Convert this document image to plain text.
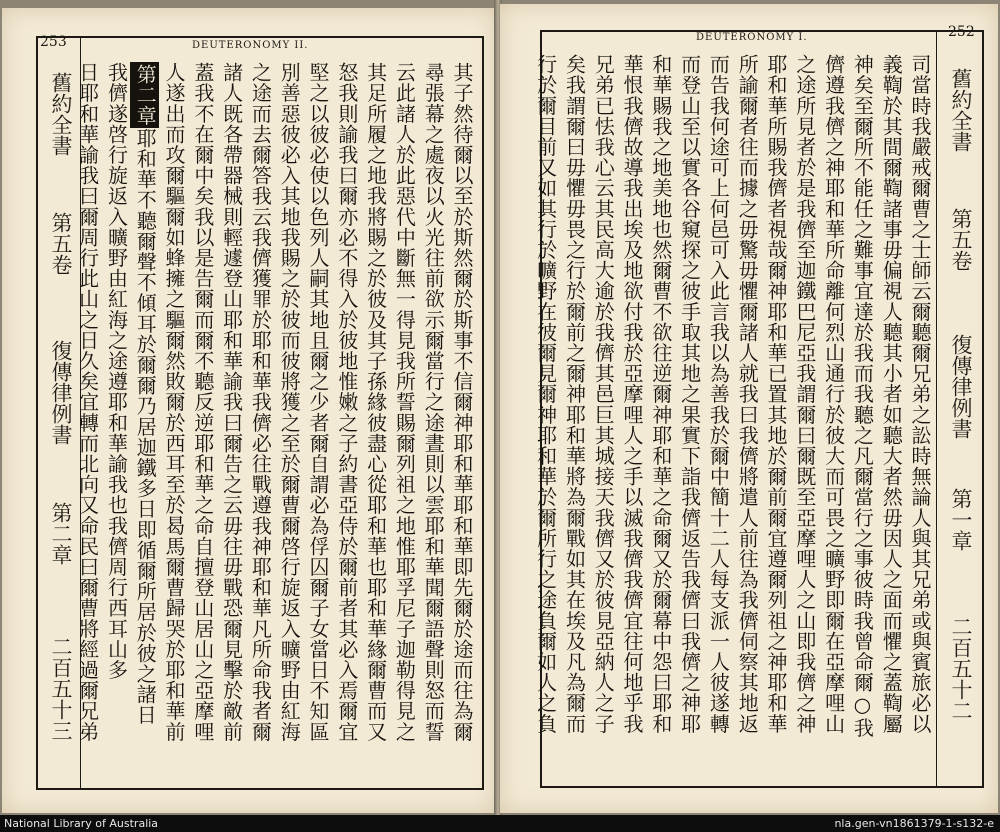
253	DEUTERONOMY II.
舊約全書
第五卷
復傳律例書
第二章
二百五十三	其子然待爾以至於斯然爾於斯事不信爾神耶和華耶和華即先爾於途而往為爾
尋張幕之處夜以火光往前欲示爾當行之途晝則以雲耶和華聞爾語聲則怒而誓
云此諸人於此惡代中斷無一得見我所誓賜爾列祖之地惟耶孚尼子迦勒得見之
其足所履之地我將賜之於彼及其子孫緣彼盡心從耶和華也耶和華緣爾曹而又
怒我則諭我曰爾亦必不得入於彼地惟嫩之子約書亞侍於爾前者其必入焉爾宜
堅之以彼必使以色列人嗣其地且爾之少者爾自謂必為俘囚爾子女當日不知區
別善惡彼必入其地我賜之於彼而彼將獲之至於爾曹爾啓行旋返入曠野由紅海
之途而去爾答我云我儕獲罪於耶和華我儕必往戰遵我神耶和華凡所命我者爾
諸人既各帶器械則輕遽登山耶和華諭我曰爾告之云毋往毋戰恐爾見擊於敵前
蓋我不在爾中矣我以是告爾而爾不聽反逆耶和華之命自擅登山居山之亞摩哩
人遂出而攻爾驅爾如蜂擁之驅爾然敗爾於西耳至於曷馬爾曹歸哭於耶和華前
第二章耶和華不聽爾聲不傾耳於爾爾乃居迦鐵多日即循爾所居於彼之諸日
我儕遂啓行旋返入曠野由紅海之途遵耶和華諭我也我儕周行西耳山多
日耶和華諭我曰爾周行此山之日久矣宜轉而北向又命民曰爾曹將經過爾兄弟
252
DEUTERONOMY I.
舊約全書
第五卷
復傳律例書
第一章
二百五十二
司當時我嚴戒爾曹之士師云爾聽爾兄弟之訟時無論人與其兄弟或與賓旅必以
義鞫於其間爾鞫諸事毋偏視人聽其小者如聽大者然毋因人之面而懼之蓋鞫屬
神矣至爾所不能任之難事宜達於我而我聽之凡爾當行之事彼時我曾命爾○我
儕遵我儕之神耶和華所命離何烈山通行於彼大而可畏之曠野即爾在亞摩哩山
之途所見者於是我儕至迦鐵巴尼亞我謂爾曰爾既至亞摩哩人之山即我儕之神
耶和華所賜我儕者視哉爾神耶和華已置其地於爾前爾宜遵爾列祖之神耶和華
所諭爾者往而據之毋驚毋懼爾諸人就我曰我儕將遣人前往為我儕伺察其地返
而告我何途可上何邑可入此言我以為善我於爾中簡十二人每支派一人彼遂轉
而登山至以實各谷窺探之彼手取其地之果實下詣我儕返告我儕曰我儕之神耶
和華賜我之地美地也然爾曹不欲往逆爾神耶和華之命爾又於爾幕中怨曰耶和
華恨我儕故導我出埃及地欲付我於亞摩哩人之手以滅我儕我儕宜往何地乎我
兄弟已怯我心云其民高大逾於我儕其邑巨其城接天我儕又於彼見亞納人之子
矣我謂爾曰毋懼毋畏之行於爾前之爾神耶和華將為爾戰如其在埃及凡為爾而
行於爾目前又如其行於曠野在彼爾見爾神耶和華於爾所行之途負爾如人之負
National Library of Australia	nla.gen-vn1861379-1-s132-e
